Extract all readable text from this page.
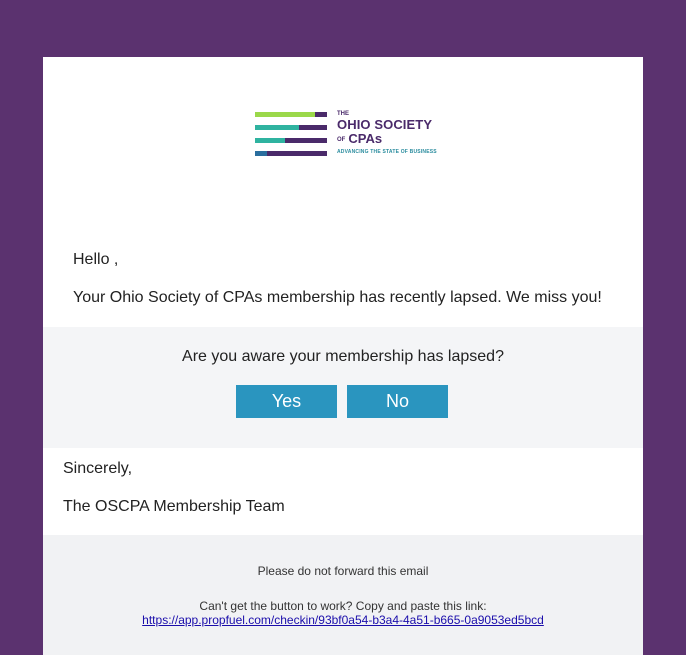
THE
OHIO SOCIETY
OF CPAs
ADVANCING THE STATE OF BUSINESS
Hello ,
Your Ohio Society of CPAs membership has recently lapsed. We miss you!
Are you aware your membership has lapsed?
Yes	No
Sincerely,
The OSCPA Membership Team
Please do not forward this email
Can't get the button to work? Copy and paste this link:
https://app.propfuel.com/checkin/93bf0a54-b3a4-4a51-b665-0a9053ed5bcd
